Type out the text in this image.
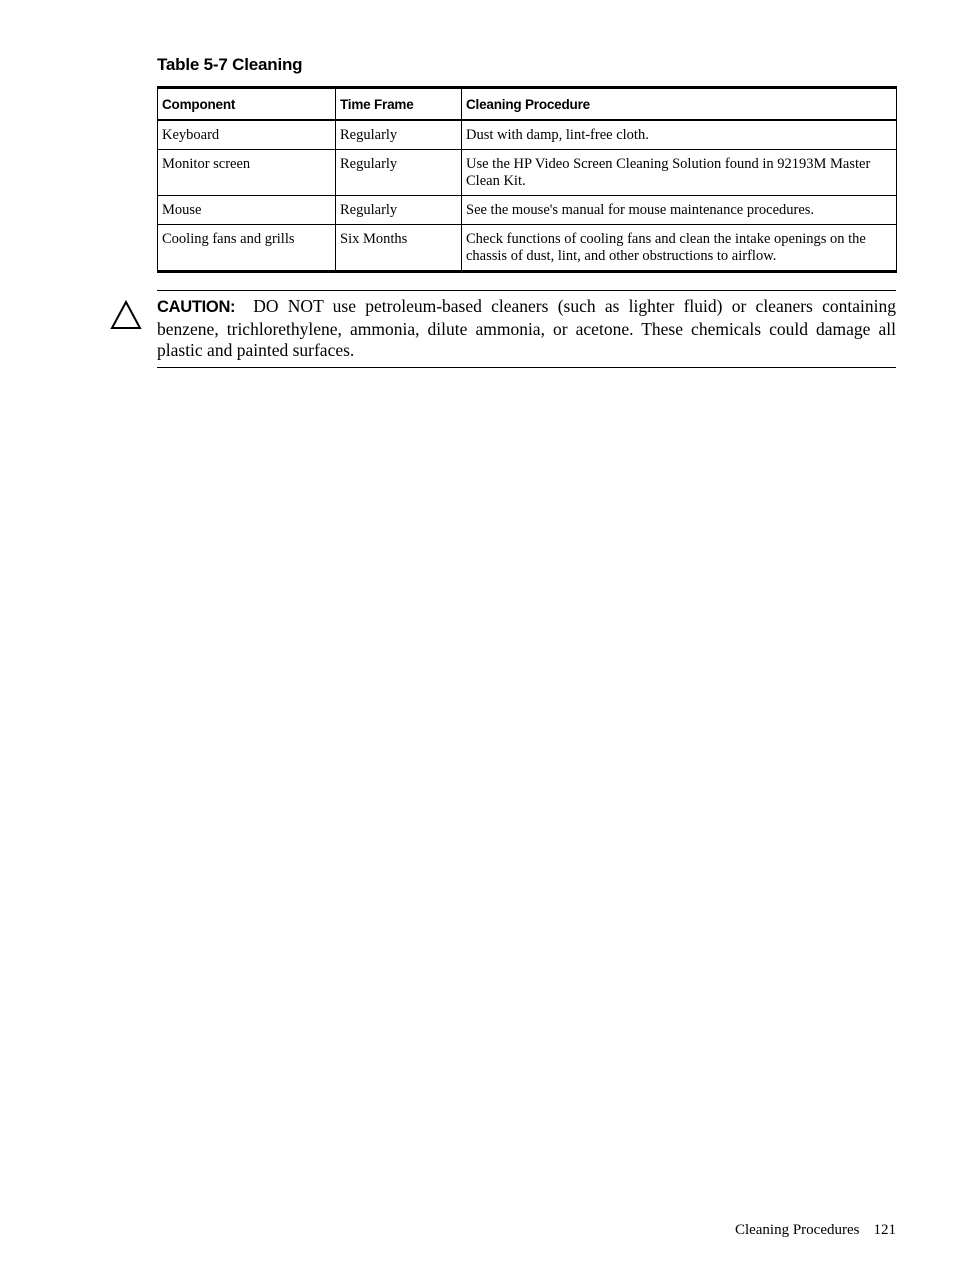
Table 5-7 Cleaning
Component	Time Frame	Cleaning Procedure
Keyboard	Regularly	Dust with damp, lint-free cloth.
Monitor screen	Regularly	Use the HP Video Screen Cleaning Solution found in 92193M Master Clean Kit.
Mouse	Regularly	See the mouse's manual for mouse maintenance procedures.
Cooling fans and grills	Six Months	Check functions of cooling fans and clean the intake openings on the chassis of dust, lint, and other obstructions to airflow.
CAUTION: DO NOT use petroleum-based cleaners (such as lighter fluid) or cleaners containing benzene, trichlorethylene, ammonia, dilute ammonia, or acetone. These chemicals could damage all plastic and painted surfaces.
Cleaning Procedures 121
